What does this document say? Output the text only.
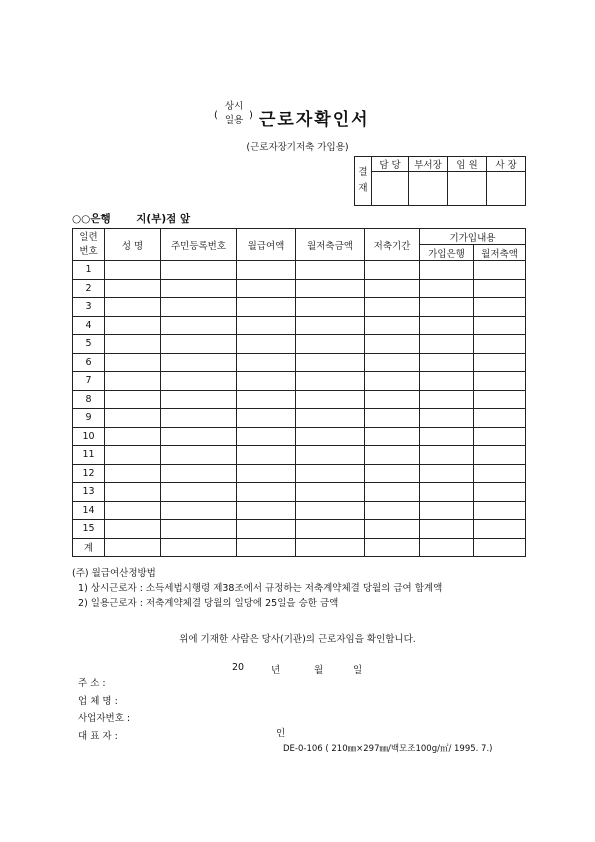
(
상시
일용 ) 근로자확인서
(근로자장기저축 가입용)
결
재	담 당	부서장	임 원	사 장

○○은행 지(부)점 앞
일련
번호	성 명	주민등록번호	월급여액	월저축금액	저축기간	기가입내용	
						가입은행	월저축액
1							
2							
3							
4							
5							
6							
7							
8							
9							
10							
11							
12							
13							
14							
15							
계							
(주) 월급여산정방법
1) 상시근로자 : 소득세법시행령 제38조에서 규정하는 저축계약체결 당월의 급여 합계액
2) 일용근로자 : 저축계약체결 당월의 일당에 25일을 승한 금액
위에 기재한 사람은 당사(기관)의 근로자임을 확인합니다.
20	년	월	일
주 소 :
업 체 명 :
사업자번호 :
대 표 자 :	인
DE-0-106 ( 210㎜×297㎜/백모조100g/㎡/ 1995. 7.)
